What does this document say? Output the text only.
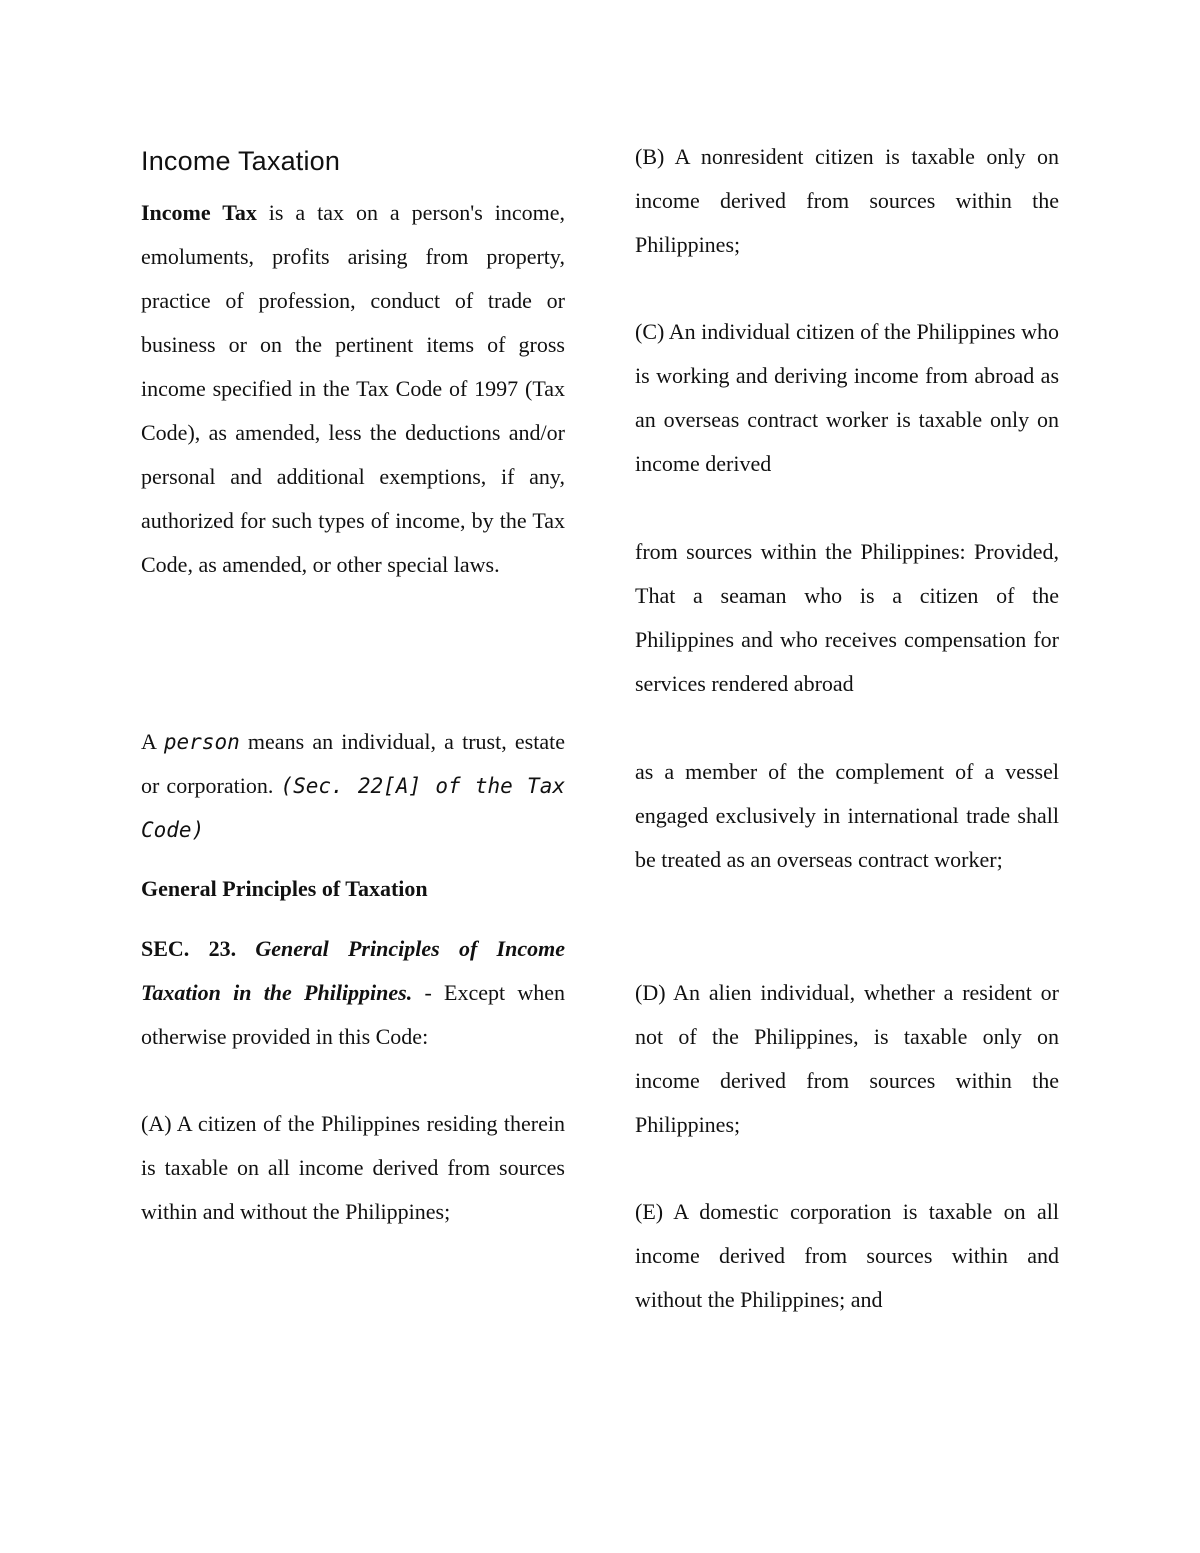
Income Taxation

Income Tax is a tax on a person's income, emoluments, profits arising from property, practice of profession, conduct of trade or business or on the pertinent items of gross income specified in the Tax Code of 1997 (Tax Code), as amended, less the deductions and/or personal and additional exemptions, if any, authorized for such types of income, by the Tax Code, as amended, or other special laws.

A person means an individual, a trust, estate or corporation. (Sec. 22[A] of the Tax Code)

General Principles of Taxation

SEC. 23. General Principles of Income Taxation in the Philippines. - Except when otherwise provided in this Code:

(A) A citizen of the Philippines residing therein is taxable on all income derived from sources within and without the Philippines;

(B) A nonresident citizen is taxable only on income derived from sources within the Philippines;

(C) An individual citizen of the Philippines who is working and deriving income from abroad as an overseas contract worker is taxable only on income derived

from sources within the Philippines: Provided, That a seaman who is a citizen of the Philippines and who receives compensation for services rendered abroad

as a member of the complement of a vessel engaged exclusively in international trade shall be treated as an overseas contract worker;

(D) An alien individual, whether a resident or not of the Philippines, is taxable only on income derived from sources within the Philippines;

(E) A domestic corporation is taxable on all income derived from sources within and without the Philippines; and
